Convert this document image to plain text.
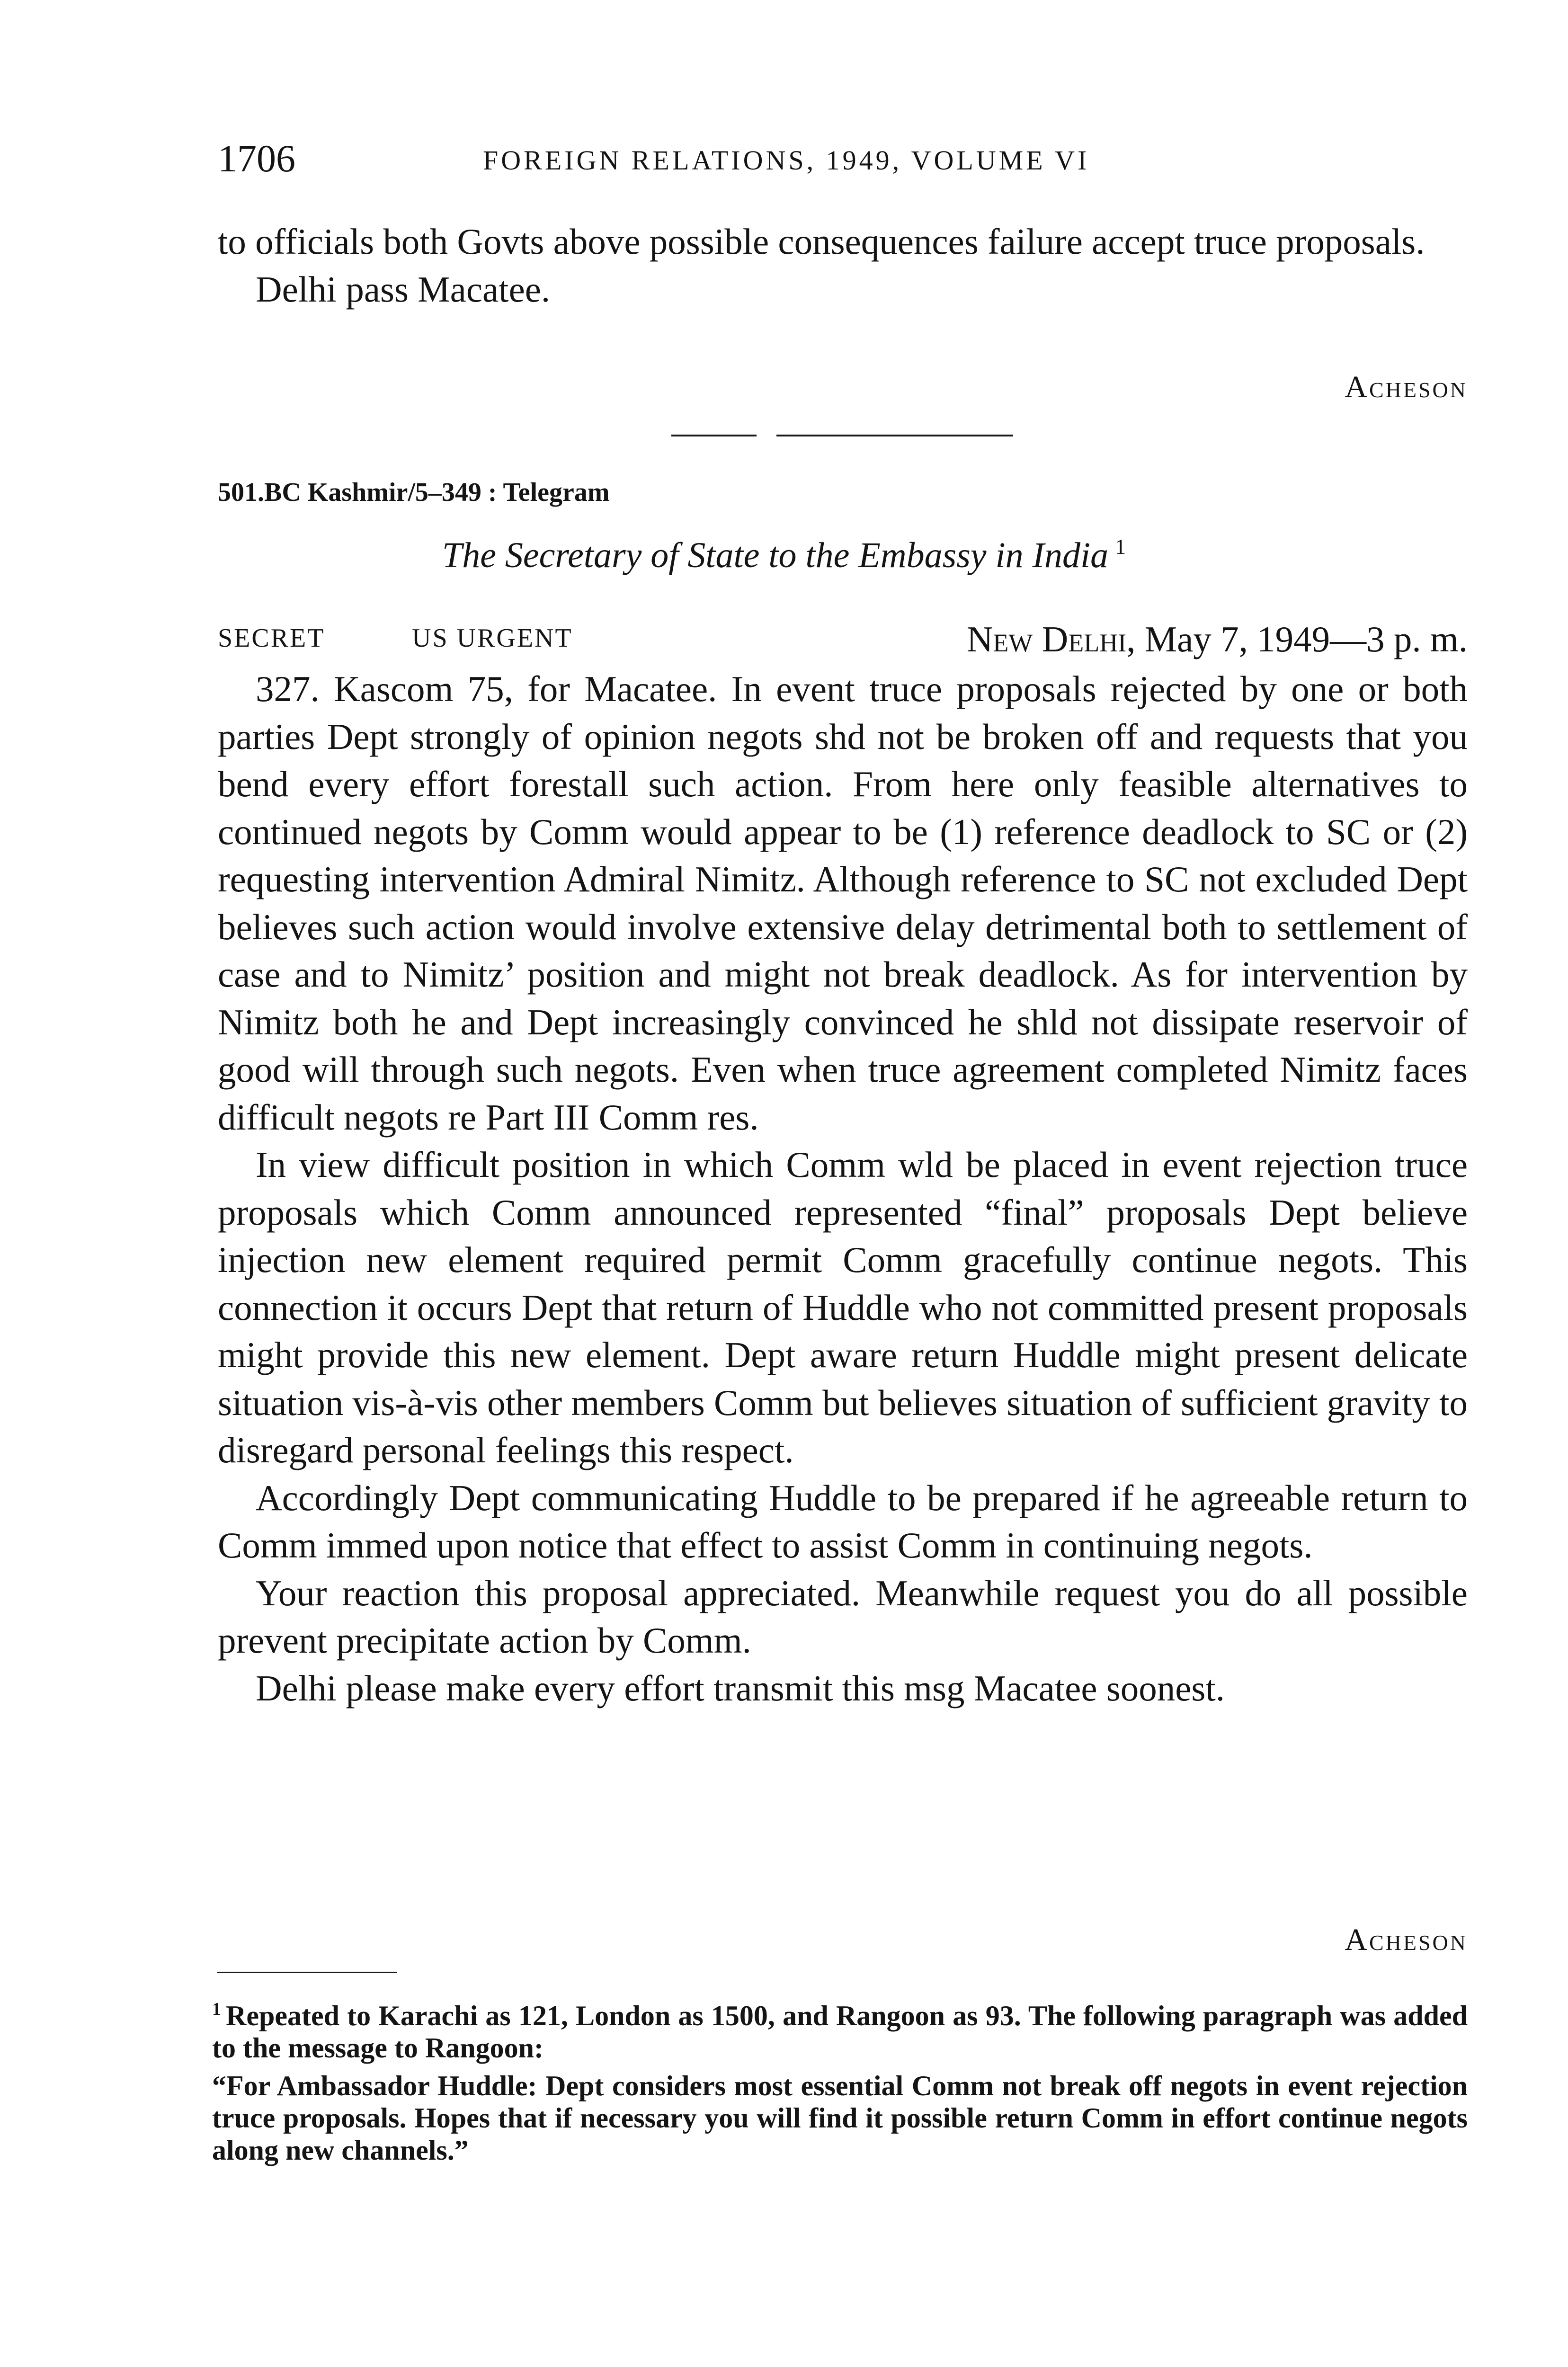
1706	FOREIGN RELATIONS, 1949, VOLUME VI

to officials both Govts above possible consequences failure accept truce proposals.

Delhi pass Macatee.

Acheson
501.BC Kashmir/5–349 : Telegram
The Secretary of State to the Embassy in India $^1$
SECRET	US URGENT	New Delhi, May 7, 1949—3 p. m.

327. Kascom 75, for Macatee. In event truce proposals rejected by one or both parties Dept strongly of opinion negots shd not be broken off and requests that you bend every effort forestall such action. From here only feasible alternatives to continued negots by Comm would appear to be (1) reference deadlock to SC or (2) requesting intervention Admiral Nimitz. Although reference to SC not excluded Dept believes such action would involve extensive delay detrimental both to settlement of case and to Nimitz’ position and might not break deadlock. As for intervention by Nimitz both he and Dept increasingly convinced he shld not dissipate reservoir of good will through such negots. Even when truce agreement completed Nimitz faces difficult negots re Part III Comm res.

In view difficult position in which Comm wld be placed in event rejection truce proposals which Comm announced represented “final” proposals Dept believe injection new element required permit Comm gracefully continue negots. This connection it occurs Dept that return of Huddle who not committed present proposals might provide this new element. Dept aware return Huddle might present delicate situation vis-à-vis other members Comm but believes situation of sufficient gravity to disregard personal feelings this respect.

Accordingly Dept communicating Huddle to be prepared if he agreeable return to Comm immed upon notice that effect to assist Comm in continuing negots.

Your reaction this proposal appreciated. Meanwhile request you do all possible prevent precipitate action by Comm.

Delhi please make every effort transmit this msg Macatee soonest.

Acheson

$^1$ Repeated to Karachi as 121, London as 1500, and Rangoon as 93. The following paragraph was added to the message to Rangoon:

“For Ambassador Huddle: Dept considers most essential Comm not break off negots in event rejection truce proposals. Hopes that if necessary you will find it possible return Comm in effort continue negots along new channels.”
